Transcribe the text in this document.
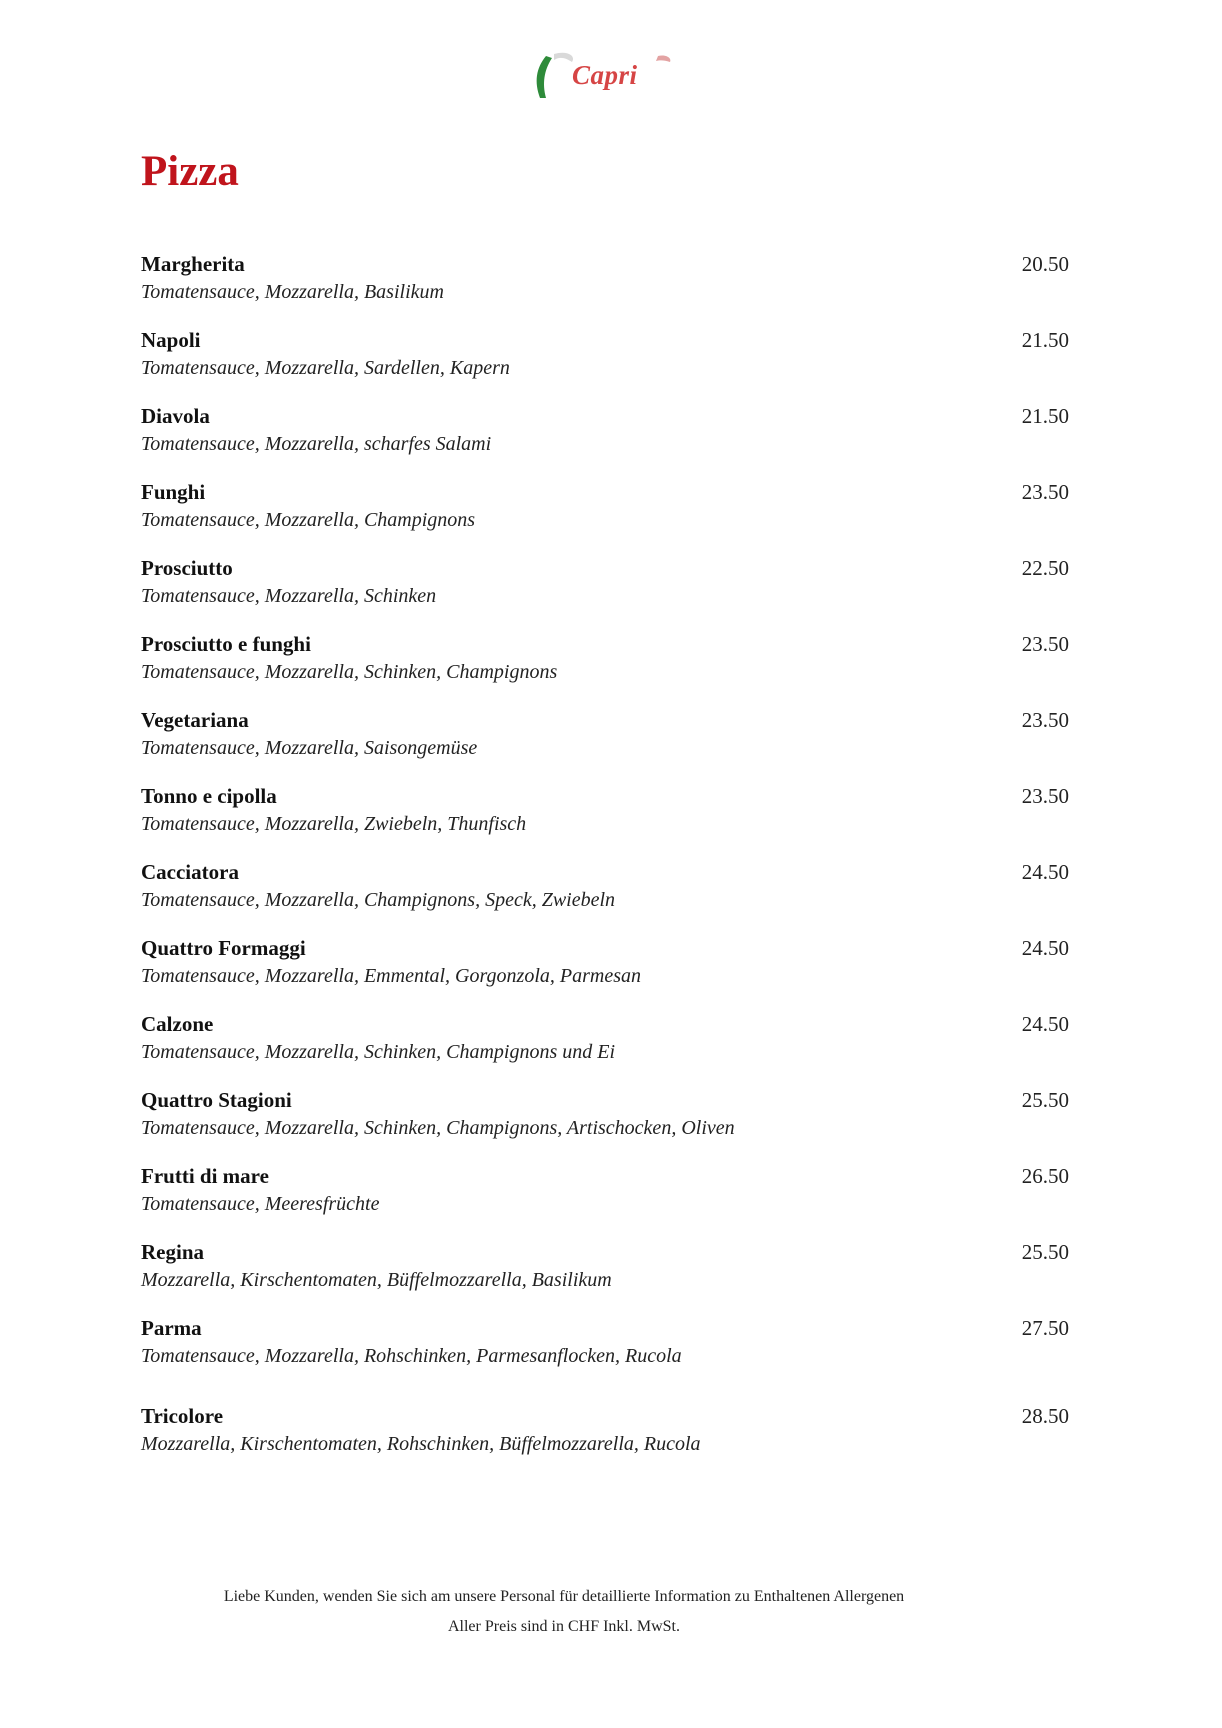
Capri
Pizza
Margherita
Tomatensauce, Mozzarella, Basilikum
20.50
Napoli
Tomatensauce, Mozzarella, Sardellen, Kapern
21.50
Diavola
Tomatensauce, Mozzarella, scharfes Salami
21.50
Funghi
Tomatensauce, Mozzarella, Champignons
23.50
Prosciutto
Tomatensauce, Mozzarella, Schinken
22.50
Prosciutto e funghi
Tomatensauce, Mozzarella, Schinken, Champignons
23.50
Vegetariana
Tomatensauce, Mozzarella, Saisongemüse
23.50
Tonno e cipolla
Tomatensauce, Mozzarella, Zwiebeln, Thunfisch
23.50
Cacciatora
Tomatensauce, Mozzarella, Champignons, Speck, Zwiebeln
24.50
Quattro Formaggi
Tomatensauce, Mozzarella, Emmental, Gorgonzola, Parmesan
24.50
Calzone
Tomatensauce, Mozzarella, Schinken, Champignons und Ei
24.50
Quattro Stagioni
Tomatensauce, Mozzarella, Schinken, Champignons, Artischocken, Oliven
25.50
Frutti di mare
Tomatensauce, Meeresfrüchte
26.50
Regina
Mozzarella, Kirschentomaten, Büffelmozzarella, Basilikum
25.50
Parma
Tomatensauce, Mozzarella, Rohschinken, Parmesanflocken, Rucola
27.50
Tricolore
Mozzarella, Kirschentomaten, Rohschinken, Büffelmozzarella, Rucola
28.50
Liebe Kunden, wenden Sie sich am unsere Personal für detaillierte Information zu Enthaltenen Allergenen
Aller Preis sind in CHF Inkl. MwSt.
